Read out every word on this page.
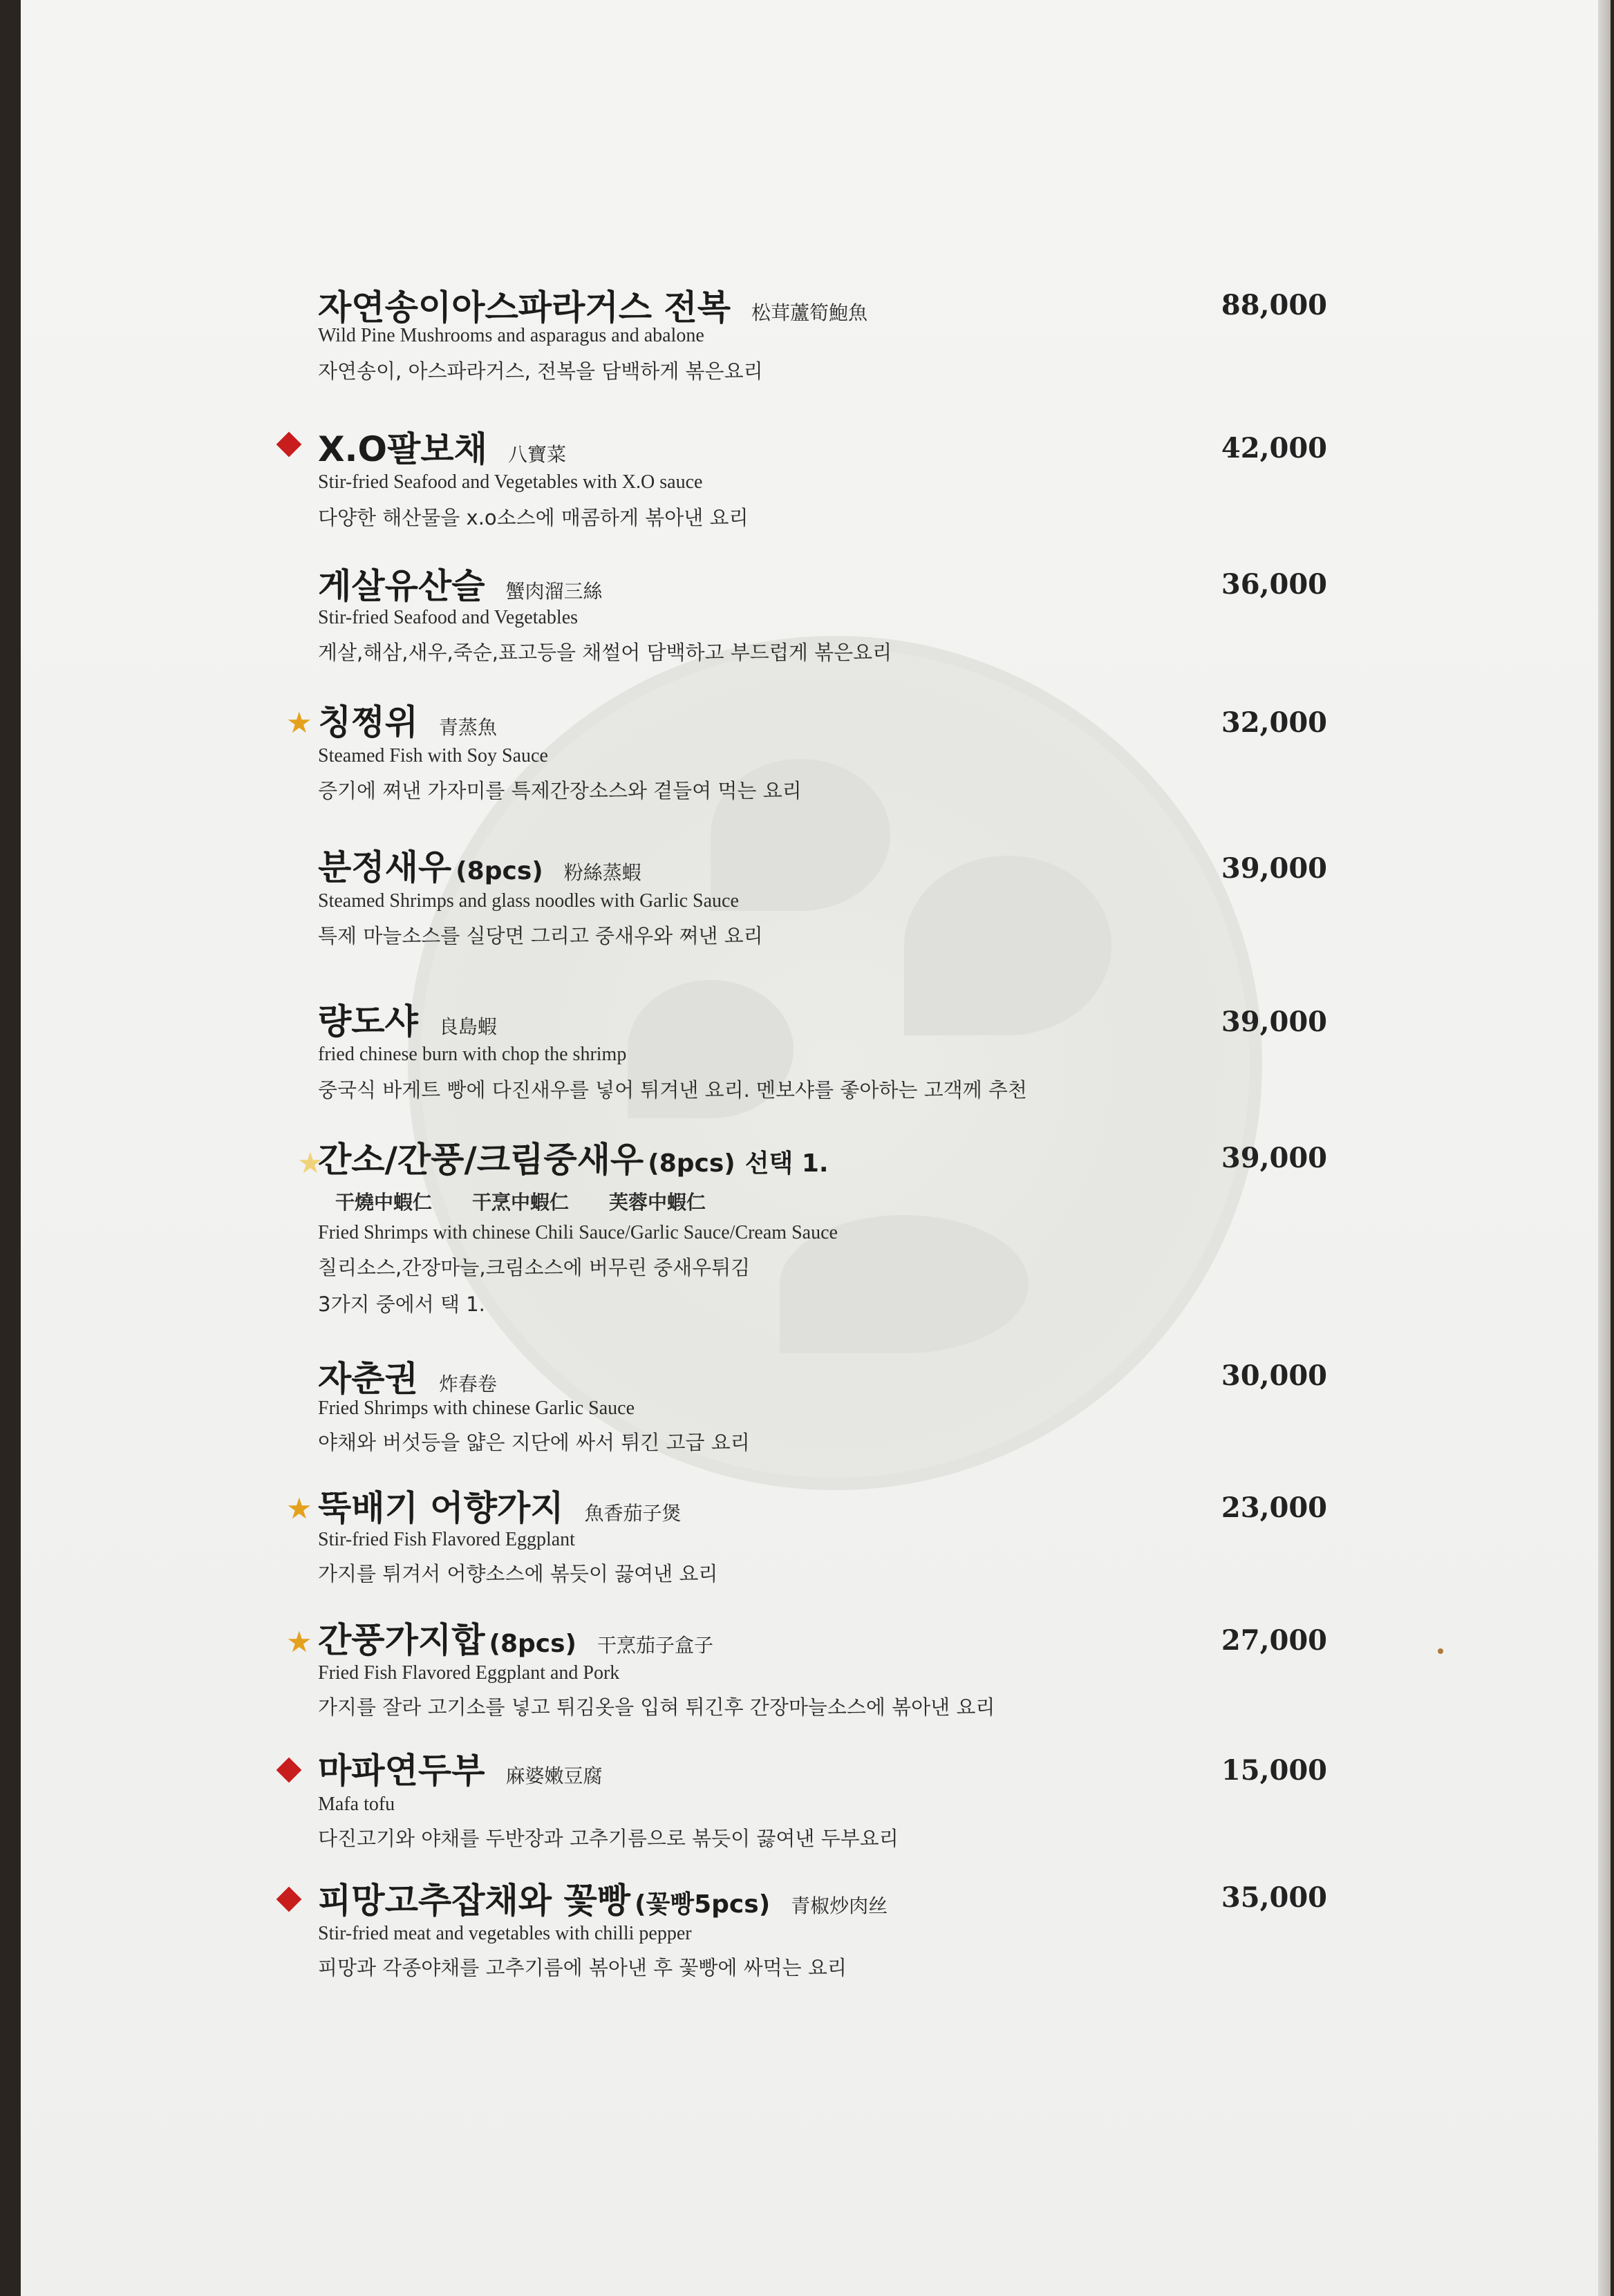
자연송이아스파라거스 전복 松茸蘆筍鮑魚	88,000
Wild Pine Mushrooms and asparagus and abalone
자연송이, 아스파라거스, 전복을 담백하게 볶은요리
X.O팔보채 八寶菜	42,000
Stir-fried Seafood and Vegetables with X.O sauce
다양한 해산물을 x.o소스에 매콤하게 볶아낸 요리
게살유산슬 蟹肉溜三絲	36,000
Stir-fried Seafood and Vegetables
게살,해삼,새우,죽순,표고등을 채썰어 담백하고 부드럽게 볶은요리
★ 칭쩡위 青蒸魚	32,000
Steamed Fish with Soy Sauce
증기에 쪄낸 가자미를 특제간장소스와 곁들여 먹는 요리
분정새우 (8pcs) 粉絲蒸蝦	39,000
Steamed Shrimps and glass noodles with Garlic Sauce
특제 마늘소스를 실당면 그리고 중새우와 쪄낸 요리
량도샤 良島蝦	39,000
fried chinese burn with chop the shrimp
중국식 바게트 빵에 다진새우를 넣어 튀겨낸 요리. 멘보샤를 좋아하는 고객께 추천
★
간소/간풍/크림중새우 (8pcs) 선택 1.	39,000
干燒中蝦仁 干烹中蝦仁 芙蓉中蝦仁
Fried Shrimps with chinese Chili Sauce/Garlic Sauce/Cream Sauce
칠리소스,간장마늘,크림소스에 버무린 중새우튀김
3가지 중에서 택 1.
자춘권 炸春卷	30,000
Fried Shrimps with chinese Garlic Sauce
야채와 버섯등을 얇은 지단에 싸서 튀긴 고급 요리
★ 뚝배기 어향가지 魚香茄子煲	23,000
Stir-fried Fish Flavored Eggplant
가지를 튀겨서 어향소스에 볶듯이 끓여낸 요리
★ 간풍가지합 (8pcs) 干烹茄子盒子	27,000
Fried Fish Flavored Eggplant and Pork
가지를 잘라 고기소를 넣고 튀김옷을 입혀 튀긴후 간장마늘소스에 볶아낸 요리
마파연두부 麻婆嫩豆腐	15,000
Mafa tofu
다진고기와 야채를 두반장과 고추기름으로 볶듯이 끓여낸 두부요리
피망고추잡채와 꽃빵 (꽃빵5pcs) 青椒炒肉丝	35,000
Stir-fried meat and vegetables with chilli pepper
피망과 각종야채를 고추기름에 볶아낸 후 꽃빵에 싸먹는 요리
